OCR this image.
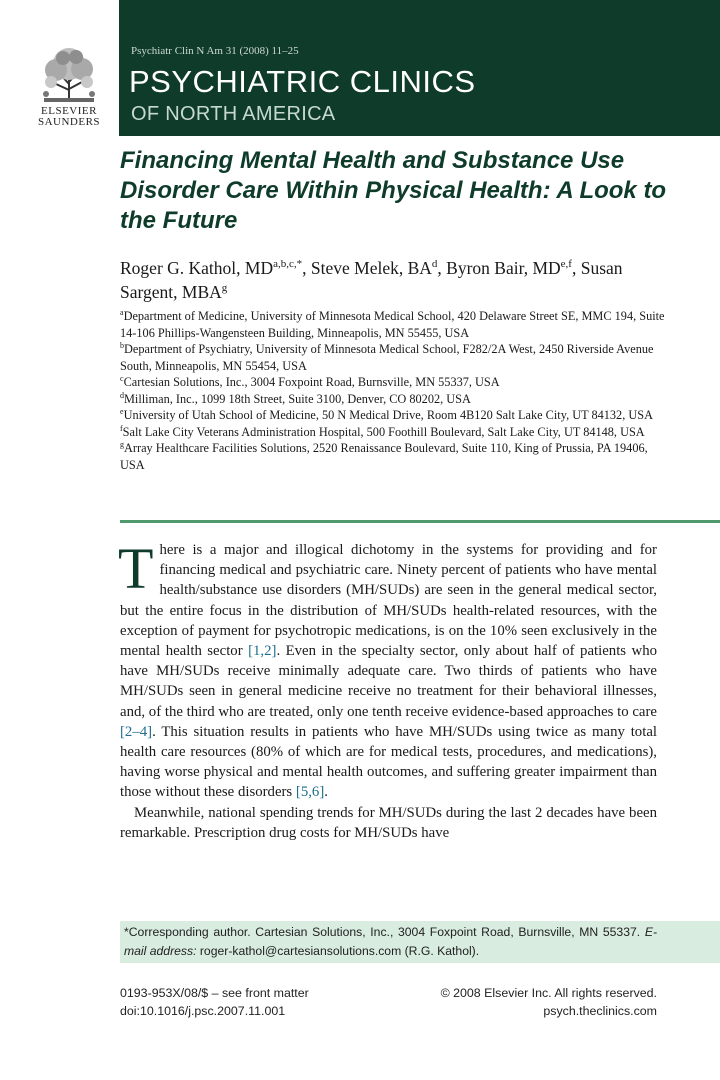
ELSEVIER
SAUNDERS
Psychiatr Clin N Am 31 (2008) 11–25
PSYCHIATRIC CLINICS
OF NORTH AMERICA
Financing Mental Health and Substance Use Disorder Care Within Physical Health: A Look to the Future
Roger G. Kathol, $MD^{a,b,c,*}$, Steve Melek, $BA^d$, Byron Bair, MD$^{e,f}$, Susan Sargent, MBA$^g$

$^a$Department of Medicine, University of Minnesota Medical School, 420 Delaware Street SE, MMC 194, Suite 14-106 Phillips-Wangensteen Building, Minneapolis, MN 55455, USA

$^b$Department of Psychiatry, University of Minnesota Medical School, F282/2A West, 2450 Riverside Avenue South, Minneapolis, MN 55454, USA

$^c$Cartesian Solutions, Inc., 3004 Foxpoint Road, Burnsville, MN 55337, USA

$^d$Milliman, Inc., 1099 18th Street, Suite 3100, Denver, CO 80202, USA

$^e$University of Utah School of Medicine, 50 N Medical Drive, Room 4B120 Salt Lake City, UT 84132, USA

$^f$Salt Lake City Veterans Administration Hospital, 500 Foothill Boulevard, Salt Lake City, UT 84148, USA

$^g$Array Healthcare Facilities Solutions, 2520 Renaissance Boulevard, Suite 110, King of Prussia, PA 19406, USA

T here is a major and illogical dichotomy in the systems for providing and for financing medical and psychiatric care. Ninety percent of patients who have mental health/substance use disorders (MH/SUDs) are seen in the general medical sector, but the entire focus in the distribution of MH/SUDs health-related resources, with the exception of payment for psychotropic medications, is on the 10% seen exclusively in the mental health sector [1,2]. Even in the specialty sector, only about half of patients who have MH/SUDs receive minimally adequate care. Two thirds of patients who have MH/SUDs seen in general medicine receive no treatment for their behavioral illnesses, and, of the third who are treated, only one tenth receive evidence-based approaches to care [2–4]. This situation results in patients who have MH/SUDs using twice as many total health care resources (80% of which are for medical tests, procedures, and medications), having worse physical and mental health outcomes, and suffering greater impairment than those without these disorders [5,6].

Meanwhile, national spending trends for MH/SUDs during the last 2 decades have been remarkable. Prescription drug costs for MH/SUDs have

*Corresponding author. Cartesian Solutions, Inc., 3004 Foxpoint Road, Burnsville, MN 55337. E-mail address: roger-kathol@cartesiansolutions.com (R.G. Kathol).
0193-953X/08/$ – see front matter
doi:10.1016/j.psc.2007.11.001
© 2008 Elsevier Inc. All rights reserved.
psych.theclinics.com
